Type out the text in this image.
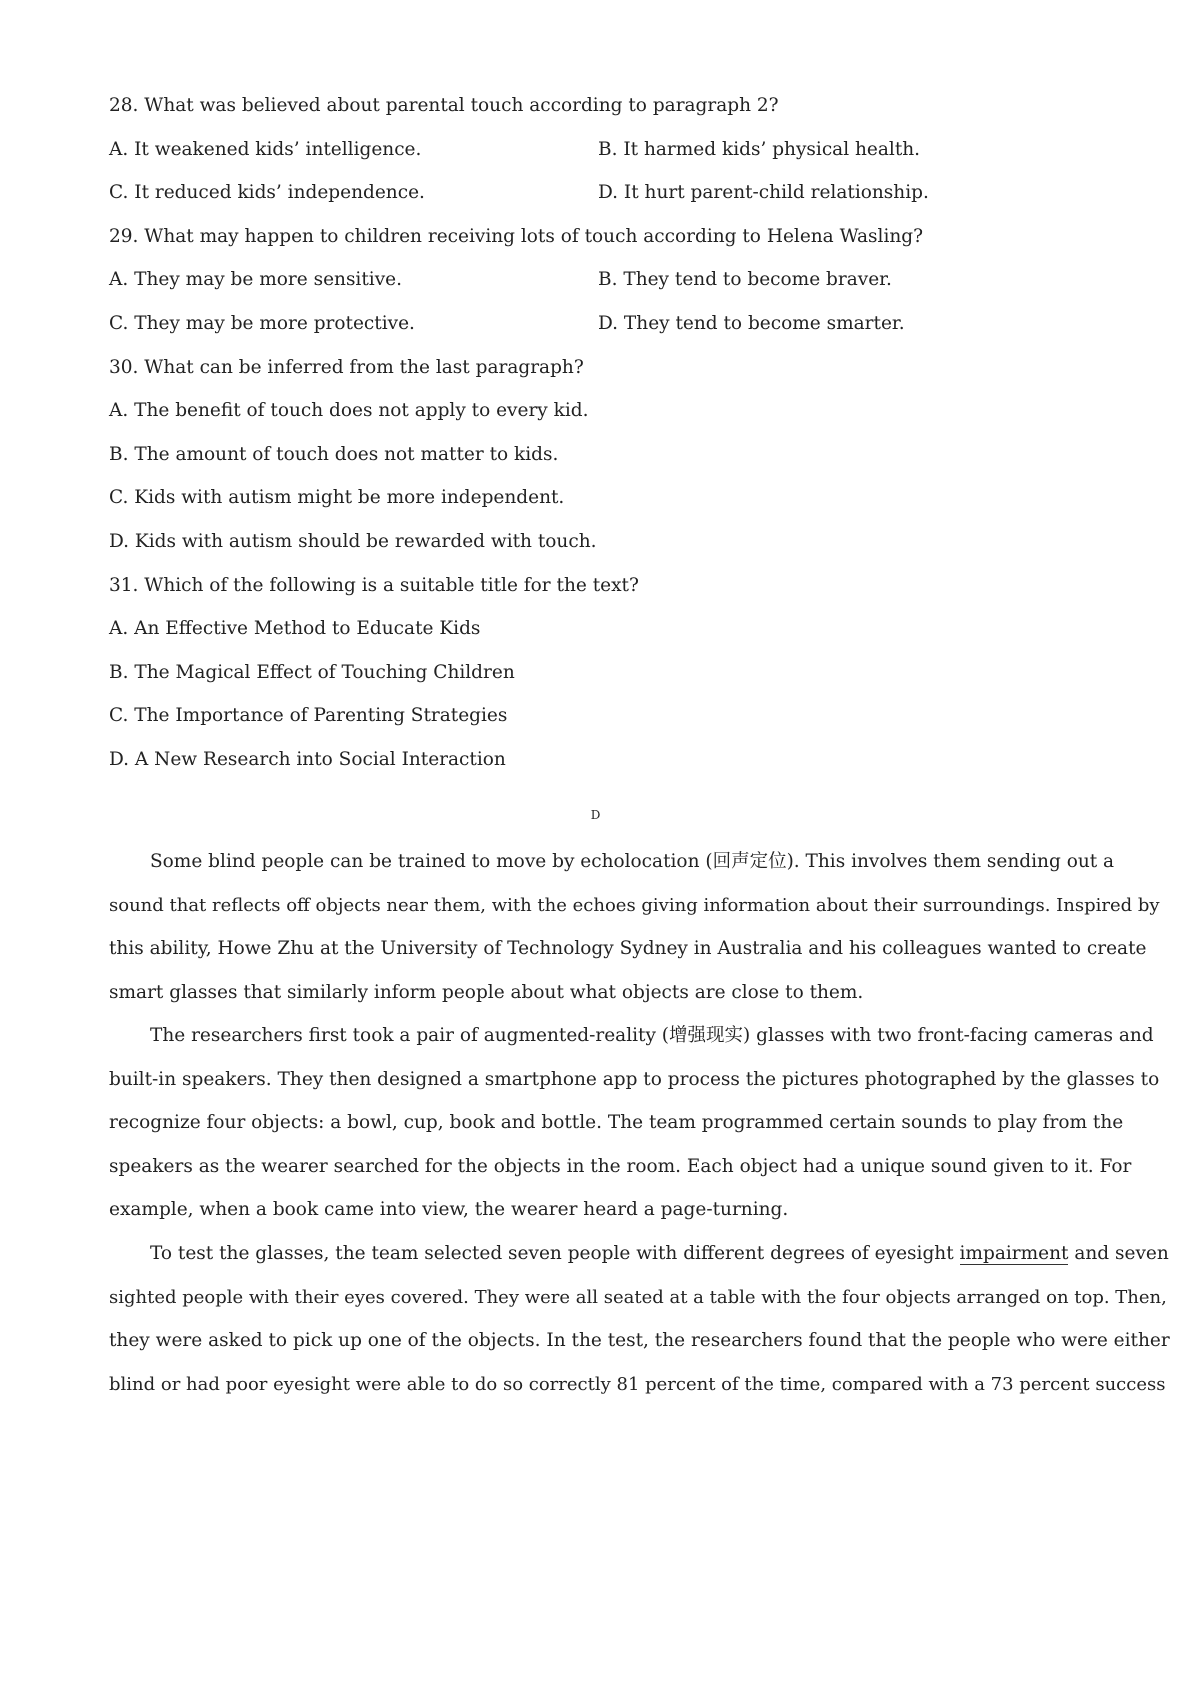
28. What was believed about parental touch according to paragraph 2?
A. It weakened kids’ intelligence.	B. It harmed kids’ physical health.
C. It reduced kids’ independence.	D. It hurt parent-child relationship.
29. What may happen to children receiving lots of touch according to Helena Wasling?
A. They may be more sensitive.	B. They tend to become braver.
C. They may be more protective.	D. They tend to become smarter.
30. What can be inferred from the last paragraph?
A. The benefit of touch does not apply to every kid.
B. The amount of touch does not matter to kids.
C. Kids with autism might be more independent.
D. Kids with autism should be rewarded with touch.
31. Which of the following is a suitable title for the text?
A. An Effective Method to Educate Kids
B. The Magical Effect of Touching Children
C. The Importance of Parenting Strategies
D. A New Research into Social Interaction
D
Some blind people can be trained to move by echolocation (回声定位). This involves them sending out a
sound that reflects off objects near them, with the echoes giving information about their surroundings. Inspired by
this ability, Howe Zhu at the University of Technology Sydney in Australia and his colleagues wanted to create
smart glasses that similarly inform people about what objects are close to them.
The researchers first took a pair of augmented-reality (增强现实) glasses with two front-facing cameras and
built-in speakers. They then designed a smartphone app to process the pictures photographed by the glasses to
recognize four objects: a bowl, cup, book and bottle. The team programmed certain sounds to play from the
speakers as the wearer searched for the objects in the room. Each object had a unique sound given to it. For
example, when a book came into view, the wearer heard a page-turning.
To test the glasses, the team selected seven people with different degrees of eyesight impairment and seven
sighted people with their eyes covered. They were all seated at a table with the four objects arranged on top. Then,
they were asked to pick up one of the objects. In the test, the researchers found that the people who were either
blind or had poor eyesight were able to do so correctly 81 percent of the time, compared with a 73 percent success
